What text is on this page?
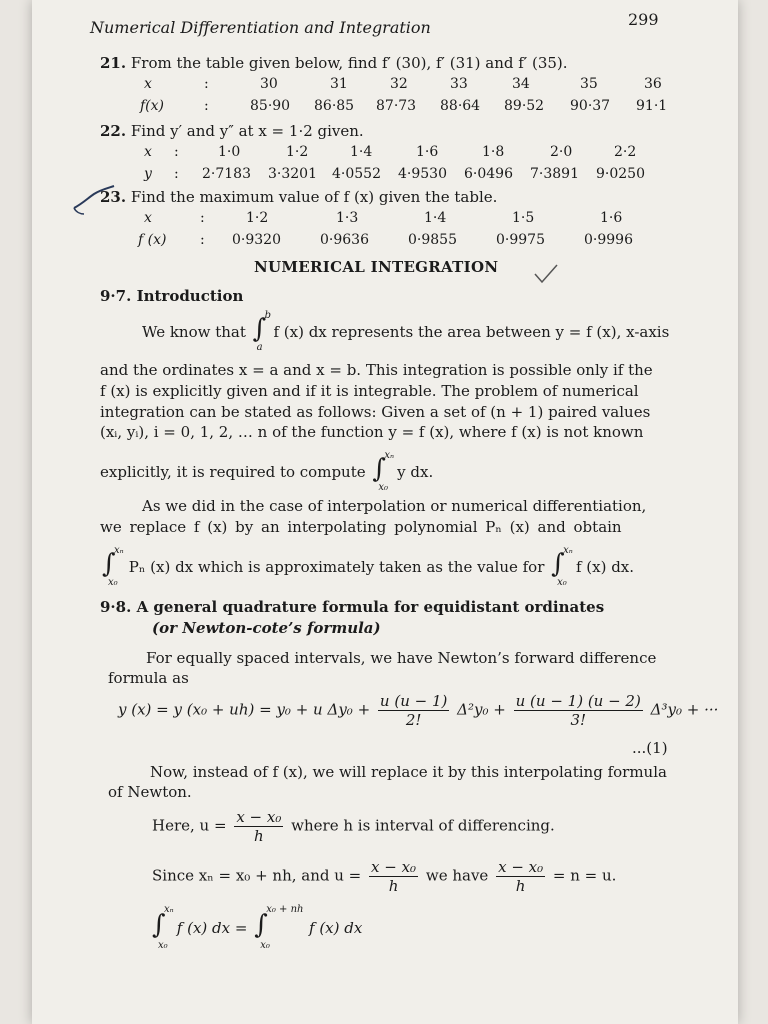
Numerical Differentiation and Integration	299
21. From the table given below, find f′ (30), f′ (31) and f′ (35).
x	:	30	31	32	33	34	35	36
f(x)	:	85·90 86·85 87·73 88·64 89·52 90·37 91·1
22. Find y′ and y″ at x = 1·2 given.
x :	1·0	1·2	1·4	1·6	1·8	2·0	2·2
y : 2·7183 3·3201 4·0552 4·9530 6·0496 7·3891 9·0250
23. Find the maximum value of f (x) given the table.
x	:	1·2	1·3	1·4	1·5	1·6
f (x) : 0·9320	0·9636	0·9855	0·9975	0·9996
NUMERICAL INTEGRATION
9·7. Introduction
We know that ∫
b
a
f (x) dx represents the area between y = f (x), x-axis
and the ordinates x = a and x = b. This integration is possible only if the
f (x) is explicitly given and if it is integrable. The problem of numerical
integration can be stated as follows: Given a set of (n + 1) paired values
(xᵢ, yᵢ), i = 0, 1, 2, … n of the function y = f (x), where f (x) is not known
explicitly, it is required to compute ∫
xₙ
x₀
y dx.
As we did in the case of interpolation or numerical differentiation,
we replace f (x) by an interpolating polynomial Pₙ (x) and obtain
∫
xₙ
x₀
Pₙ (x) dx which is approximately taken as the value for ∫
xₙ
x₀
f (x) dx.
9·8. A general quadrature formula for equidistant ordinates
(or Newton-cote’s formula)
For equally spaced intervals, we have Newton’s forward difference
formula as
y (x) = y (x₀ + uh) = y₀ + u $\Delta y_0 + \frac{u (u - 1)}{2!} \Delta^2y_0 + \frac{u (u - 1) (u - 2)}{3!} \Delta^3y_0$ + ···
...(1)
Now, instead of f (x), we will replace it by this interpolating formula
of Newton.
Here, $u = \frac{\text{x − x₀}}{h}$ where h is interval of differencing.
Since xₙ = x₀ + nh, and $u = \frac{\text{x − x₀}}{h}$ we have $\frac{\text{x − x₀}}{h} = n = u$.
∫
xₙ
x₀
f (x) dx = ∫
x₀ + nh
x₀
f (x) dx
